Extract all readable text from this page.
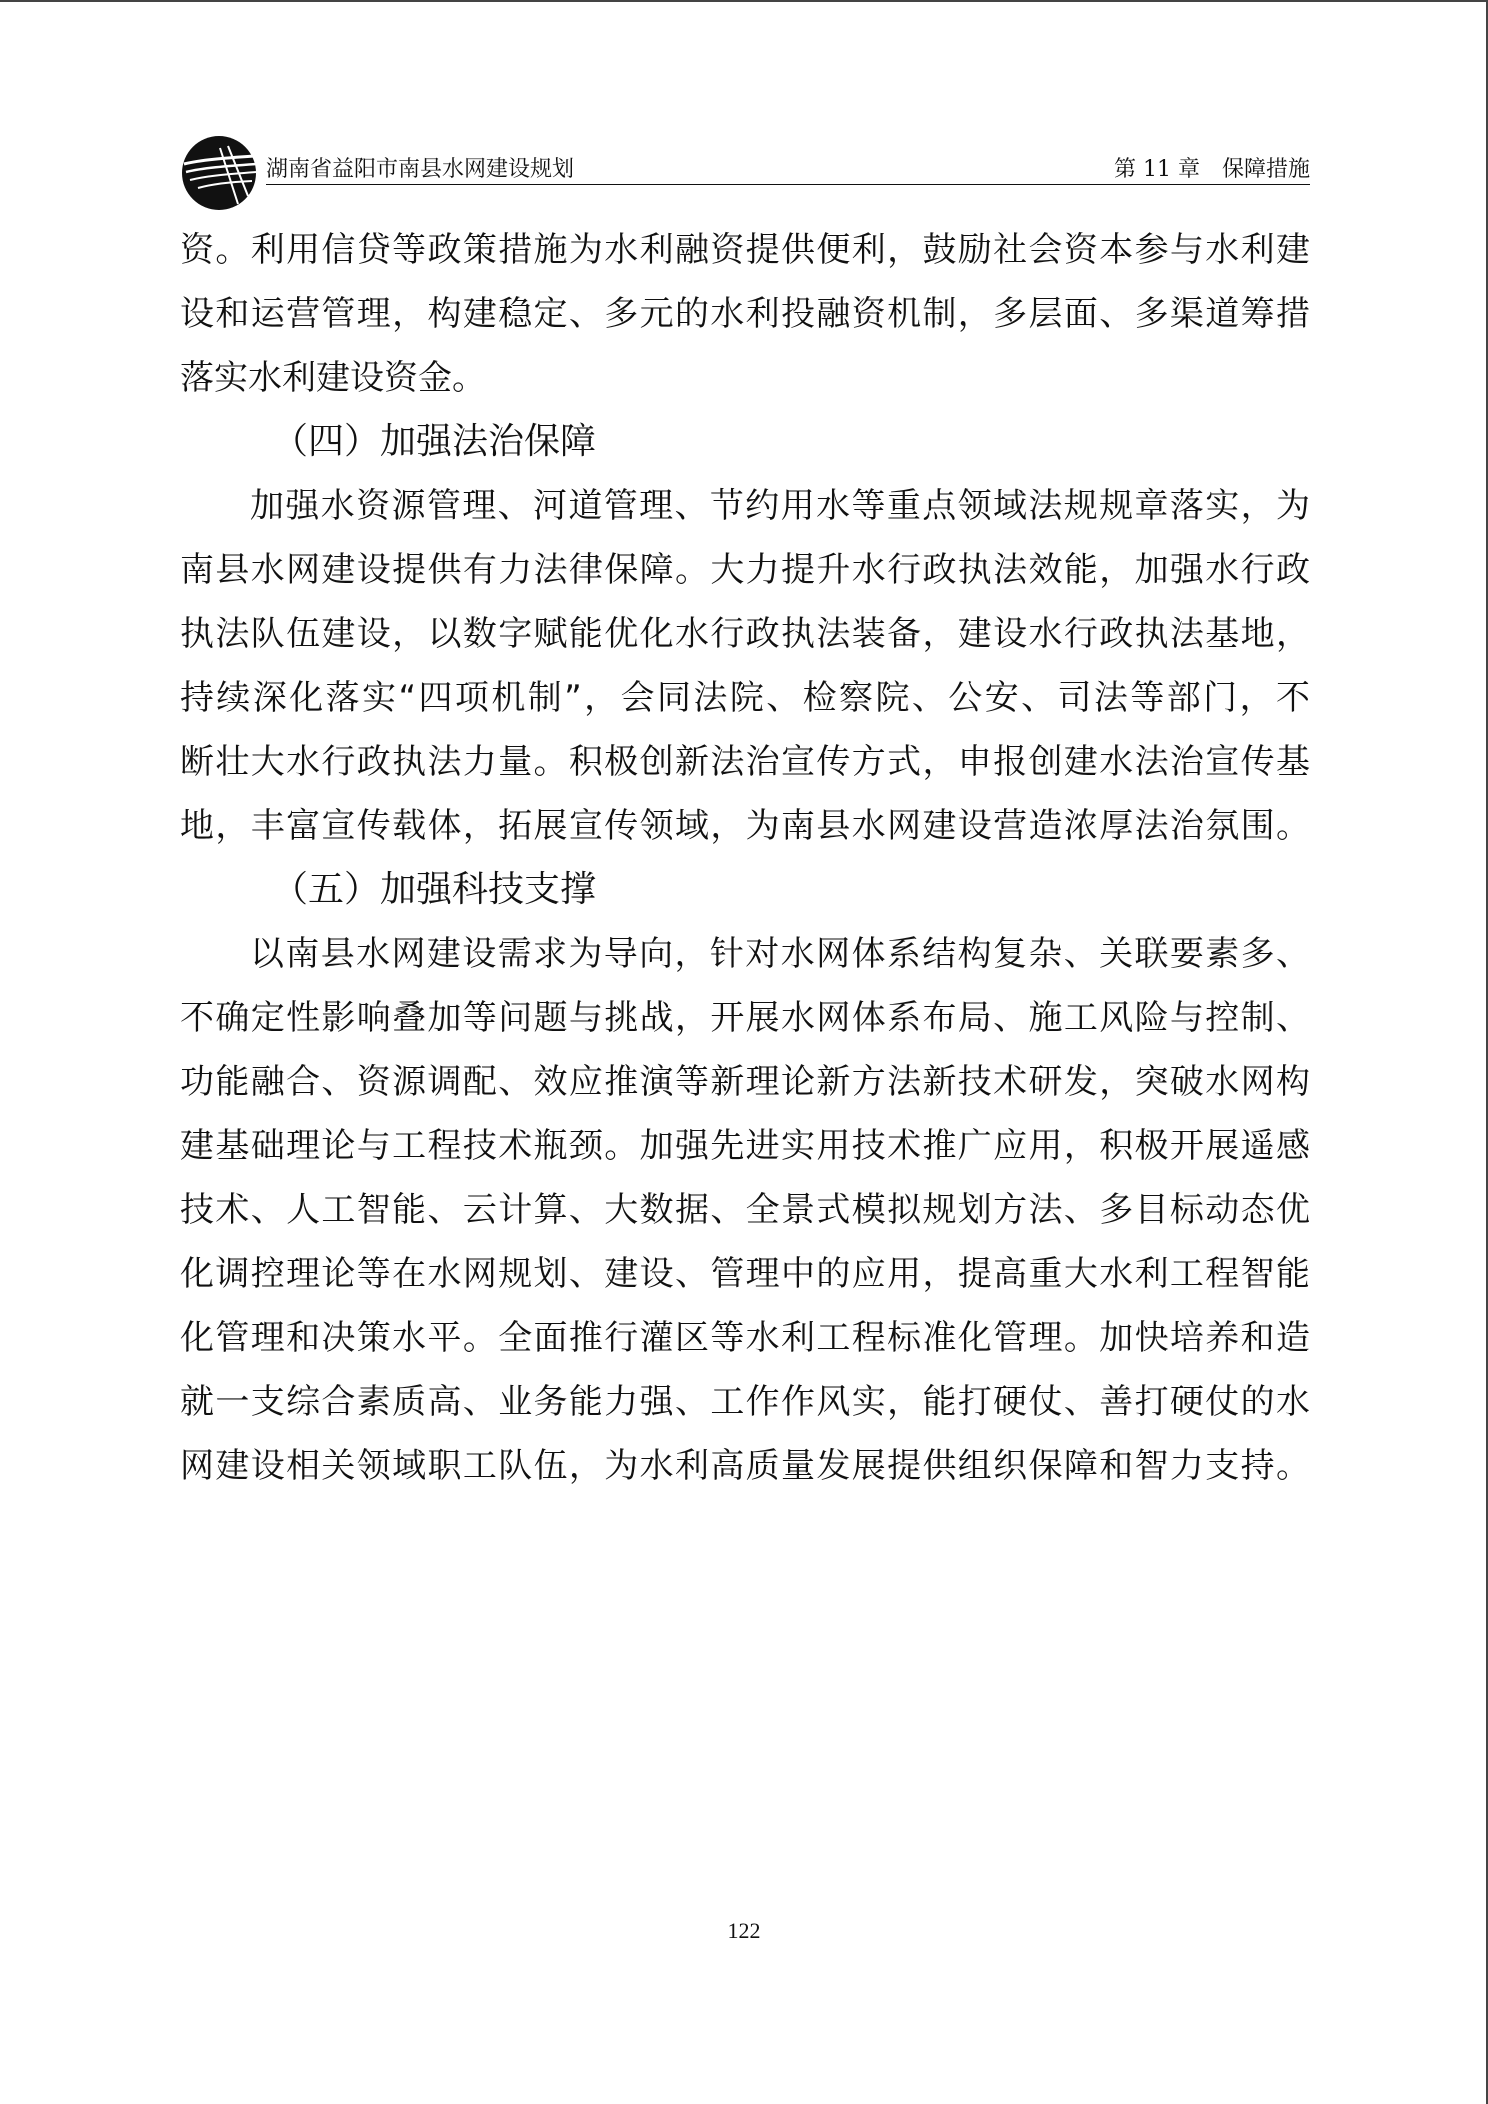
湖南省益阳市南县水网建设规划	第 11 章　保障措施
资。利用信贷等政策措施为水利融资提供便利，鼓励社会资本参与水利建
设和运营管理，构建稳定、多元的水利投融资机制，多层面、多渠道筹措
落实水利建设资金。
（四）加强法治保障
加强水资源管理、河道管理、节约用水等重点领域法规规章落实，为
南县水网建设提供有力法律保障。大力提升水行政执法效能，加强水行政
执法队伍建设，以数字赋能优化水行政执法装备，建设水行政执法基地，
持续深化落实“四项机制”，会同法院、检察院、公安、司法等部门，不
断壮大水行政执法力量。积极创新法治宣传方式，申报创建水法治宣传基
地，丰富宣传载体，拓展宣传领域，为南县水网建设营造浓厚法治氛围。
（五）加强科技支撑
以南县水网建设需求为导向，针对水网体系结构复杂、关联要素多、
不确定性影响叠加等问题与挑战，开展水网体系布局、施工风险与控制、
功能融合、资源调配、效应推演等新理论新方法新技术研发，突破水网构
建基础理论与工程技术瓶颈。加强先进实用技术推广应用，积极开展遥感
技术、人工智能、云计算、大数据、全景式模拟规划方法、多目标动态优
化调控理论等在水网规划、建设、管理中的应用，提高重大水利工程智能
化管理和决策水平。全面推行灌区等水利工程标准化管理。加快培养和造
就一支综合素质高、业务能力强、工作作风实，能打硬仗、善打硬仗的水
网建设相关领域职工队伍，为水利高质量发展提供组织保障和智力支持。
122
